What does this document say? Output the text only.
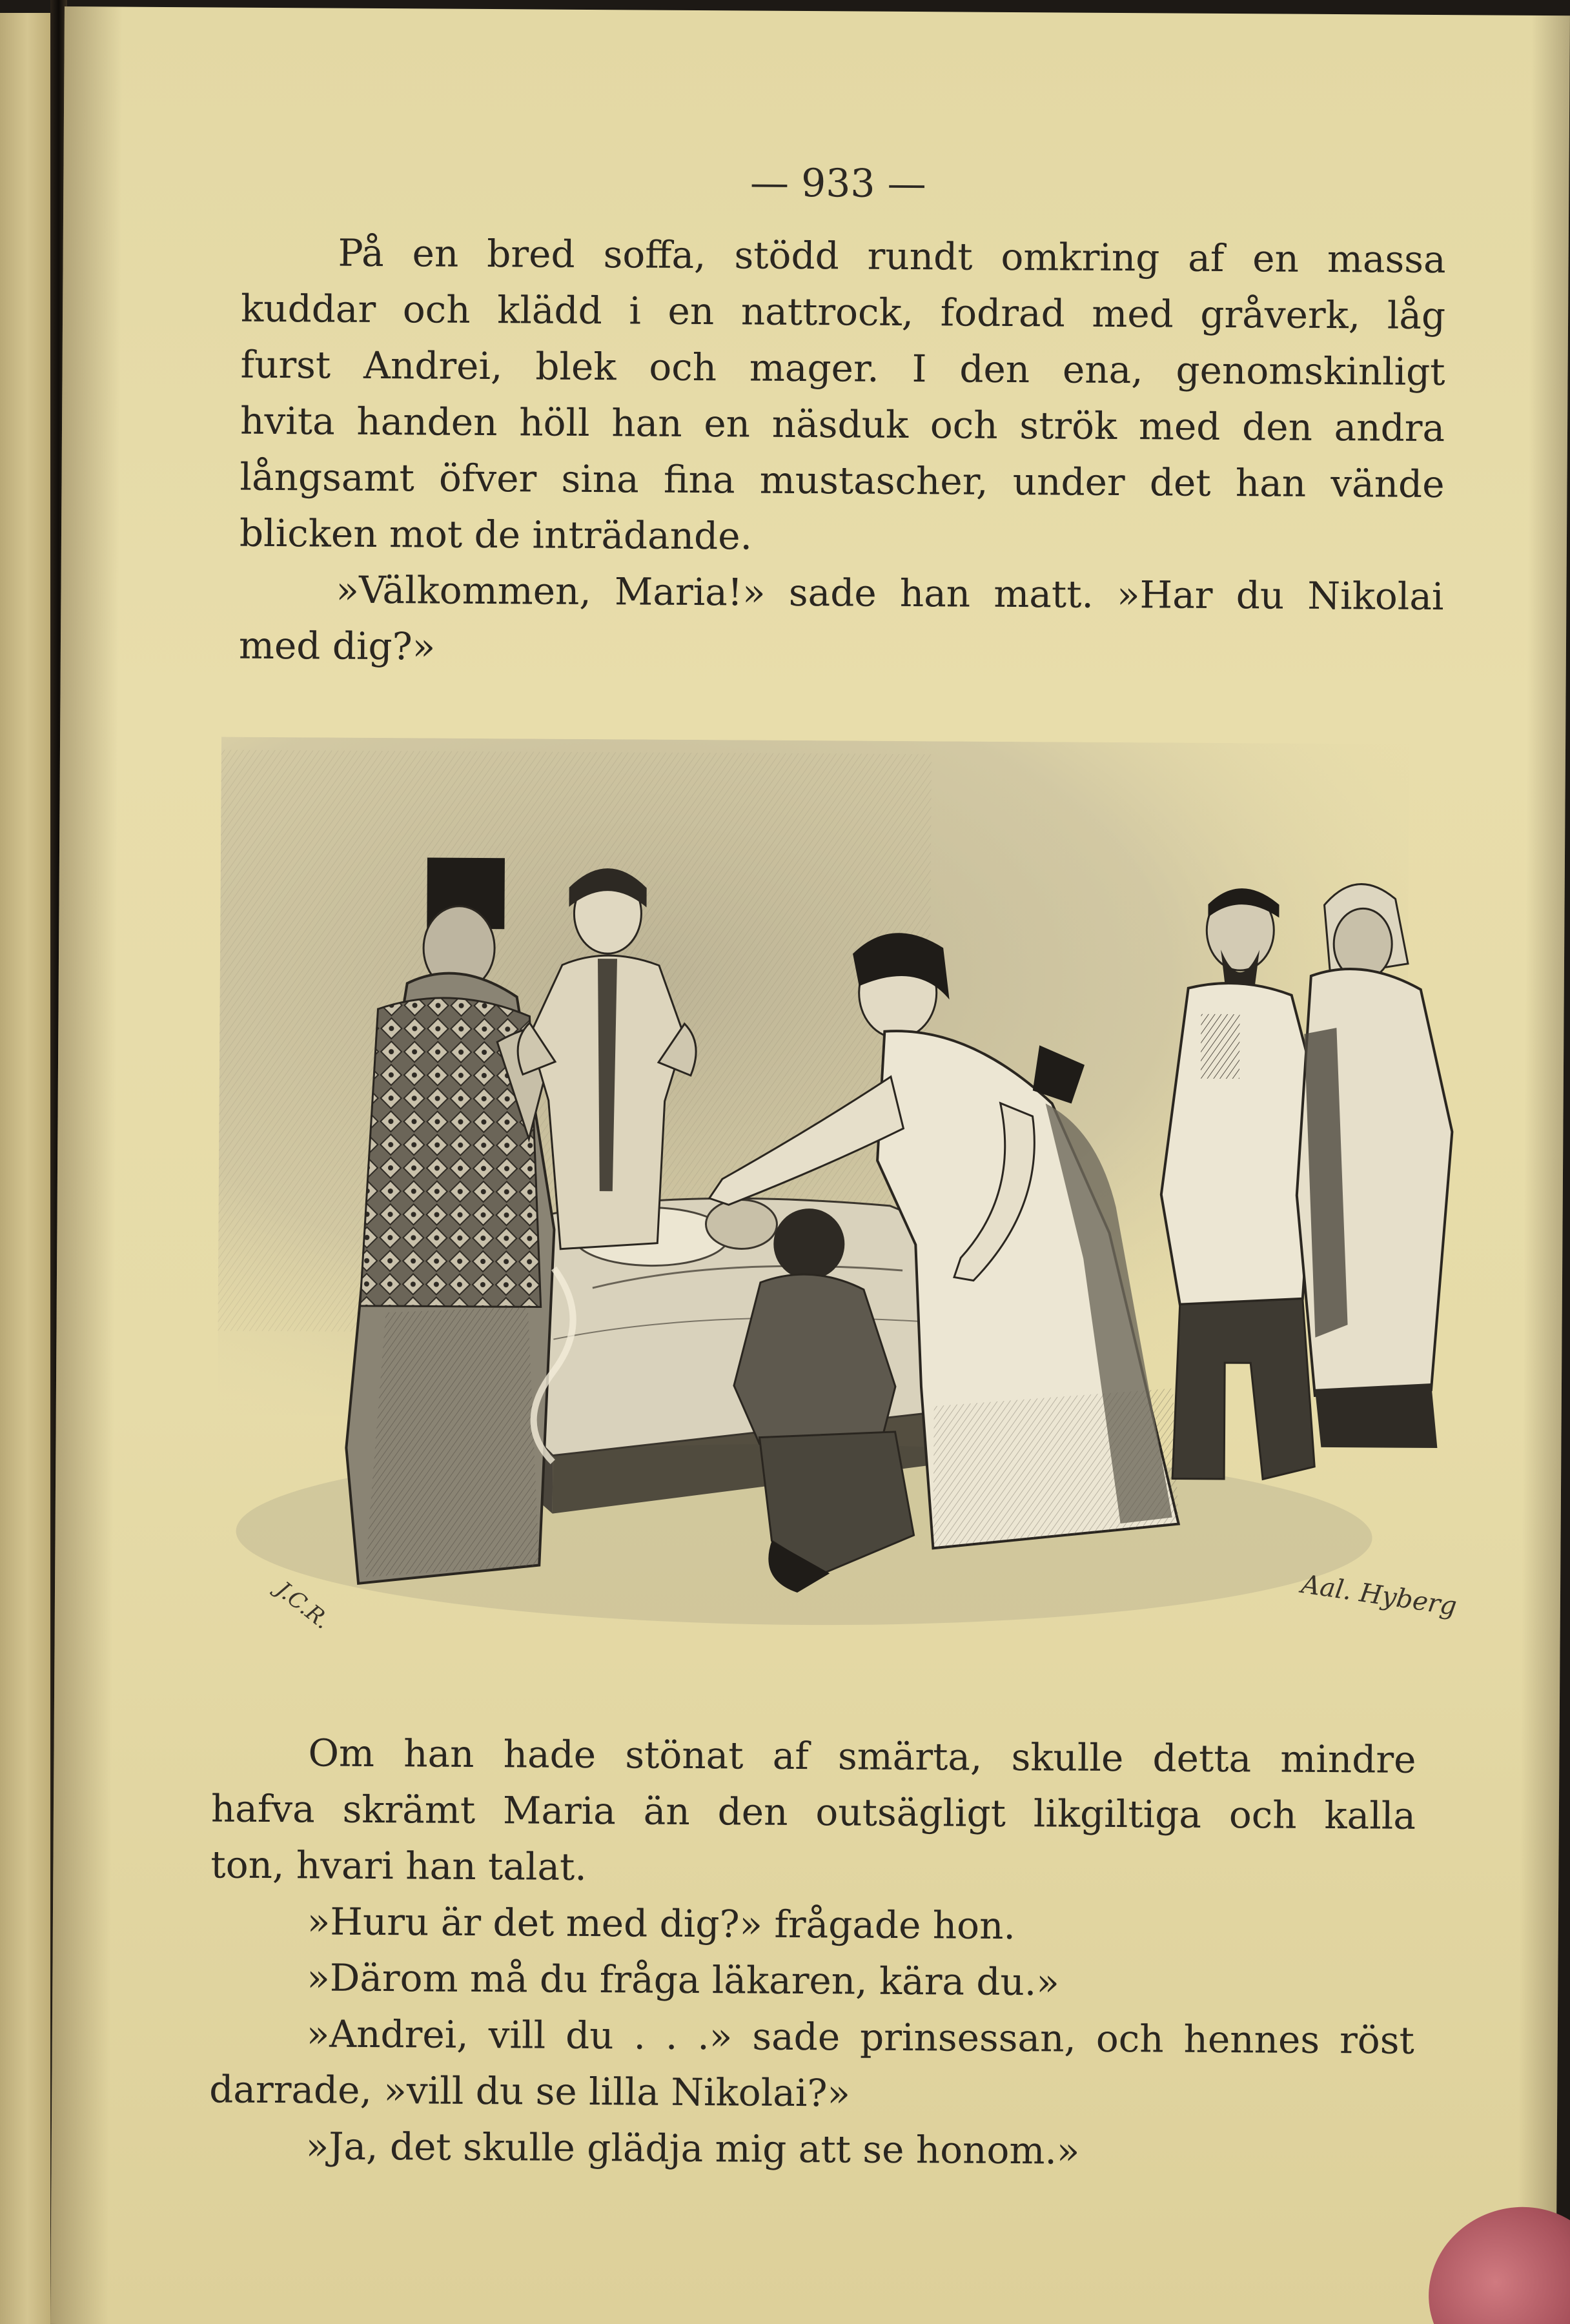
— 933 —
På en bred soffa, stödd rundt omkring af en massa
kuddar och klädd i en nattrock, fodrad med gråverk, låg
furst Andrei, blek och mager. I den ena, genomskinligt
hvita handen höll han en näsduk och strök med den andra
långsamt öfver sina fina mustascher, under det han vände
blicken mot de inträdande.
»Välkommen, Maria!» sade han matt. »Har du Nikolai
med dig?»
J.C.R.	Aal. Hyberg
Om han hade stönat af smärta, skulle detta mindre
hafva skrämt Maria än den outsägligt likgiltiga och kalla
ton, hvari han talat.
»Huru är det med dig?» frågade hon.
»Därom må du fråga läkaren, kära du.»
»Andrei, vill du . . .» sade prinsessan, och hennes röst
darrade, »vill du se lilla Nikolai?»
»Ja, det skulle glädja mig att se honom.»
